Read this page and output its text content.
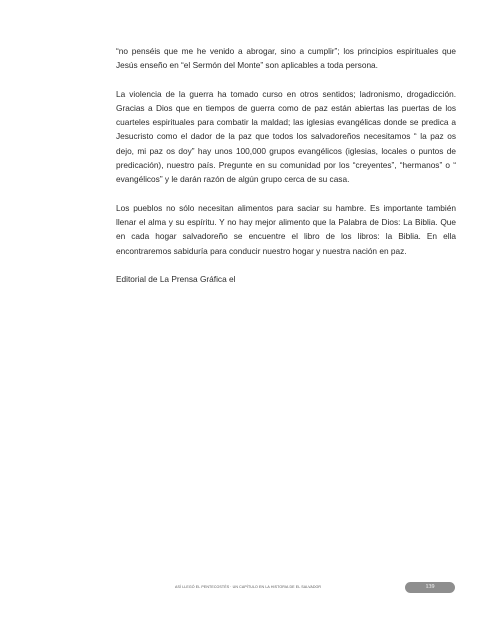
“no penséis que me he venido a abrogar, sino a cumplir”; los principios espirituales que Jesús enseño en “el Sermón del Monte” son aplicables a toda persona.

La violencia de la guerra ha tomado curso en otros sentidos; ladronismo, drogadicción. Gracias a Dios que en tiempos de guerra como de paz están abiertas las puertas de los cuarteles espirituales para combatir la maldad; las iglesias evangélicas donde se predica a Jesucristo como el dador de la paz que todos los salvadoreños necesitamos “ la paz os dejo, mi paz os doy” hay unos 100,000 grupos evangélicos (iglesias, locales o puntos de predicación), nuestro país. Pregunte en su comunidad por los “creyentes”, “hermanos” o “ evangélicos” y le darán razón de algún grupo cerca de su casa.

Los pueblos no sólo necesitan alimentos para saciar su hambre. Es importante también llenar el alma y su espíritu. Y no hay mejor alimento que la Palabra de Dios: La Biblia. Que en cada hogar salvadoreño se encuentre el libro de los libros: la Biblia. En ella encontraremos sabiduría para conducir nuestro hogar y nuestra nación en paz.

Editorial de La Prensa Gráfica el

ASÍ LLEGÓ EL PENTECOSTÉS · UN CAPÍTULO EN LA HISTORIA DE EL SALVADOR	139
